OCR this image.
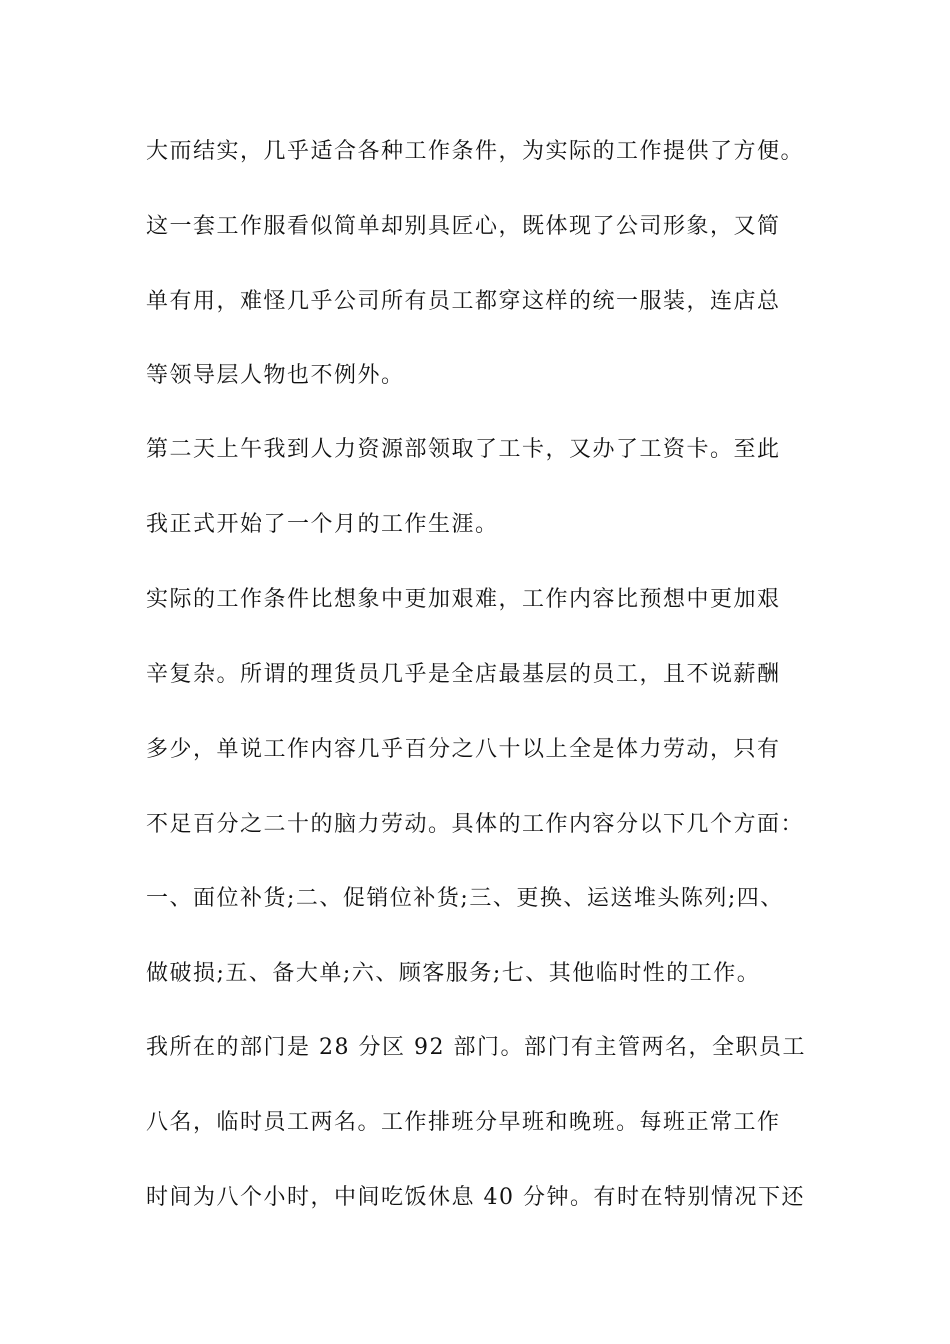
大而结实，几乎适合各种工作条件，为实际的工作提供了方便。
这一套工作服看似简单却别具匠心，既体现了公司形象，又简
单有用，难怪几乎公司所有员工都穿这样的统一服装，连店总
等领导层人物也不例外。
第二天上午我到人力资源部领取了工卡，又办了工资卡。至此
我正式开始了一个月的工作生涯。
实际的工作条件比想象中更加艰难，工作内容比预想中更加艰
辛复杂。所谓的理货员几乎是全店最基层的员工，且不说薪酬
多少，单说工作内容几乎百分之八十以上全是体力劳动，只有
不足百分之二十的脑力劳动。具体的工作内容分以下几个方面：
一、面位补货;二、促销位补货;三、更换、运送堆头陈列;四、
做破损;五、备大单;六、顾客服务;七、其他临时性的工作。
我所在的部门是 28 分区 92 部门。部门有主管两名，全职员工
八名，临时员工两名。工作排班分早班和晚班。每班正常工作
时间为八个小时，中间吃饭休息 40 分钟。有时在特别情况下还
